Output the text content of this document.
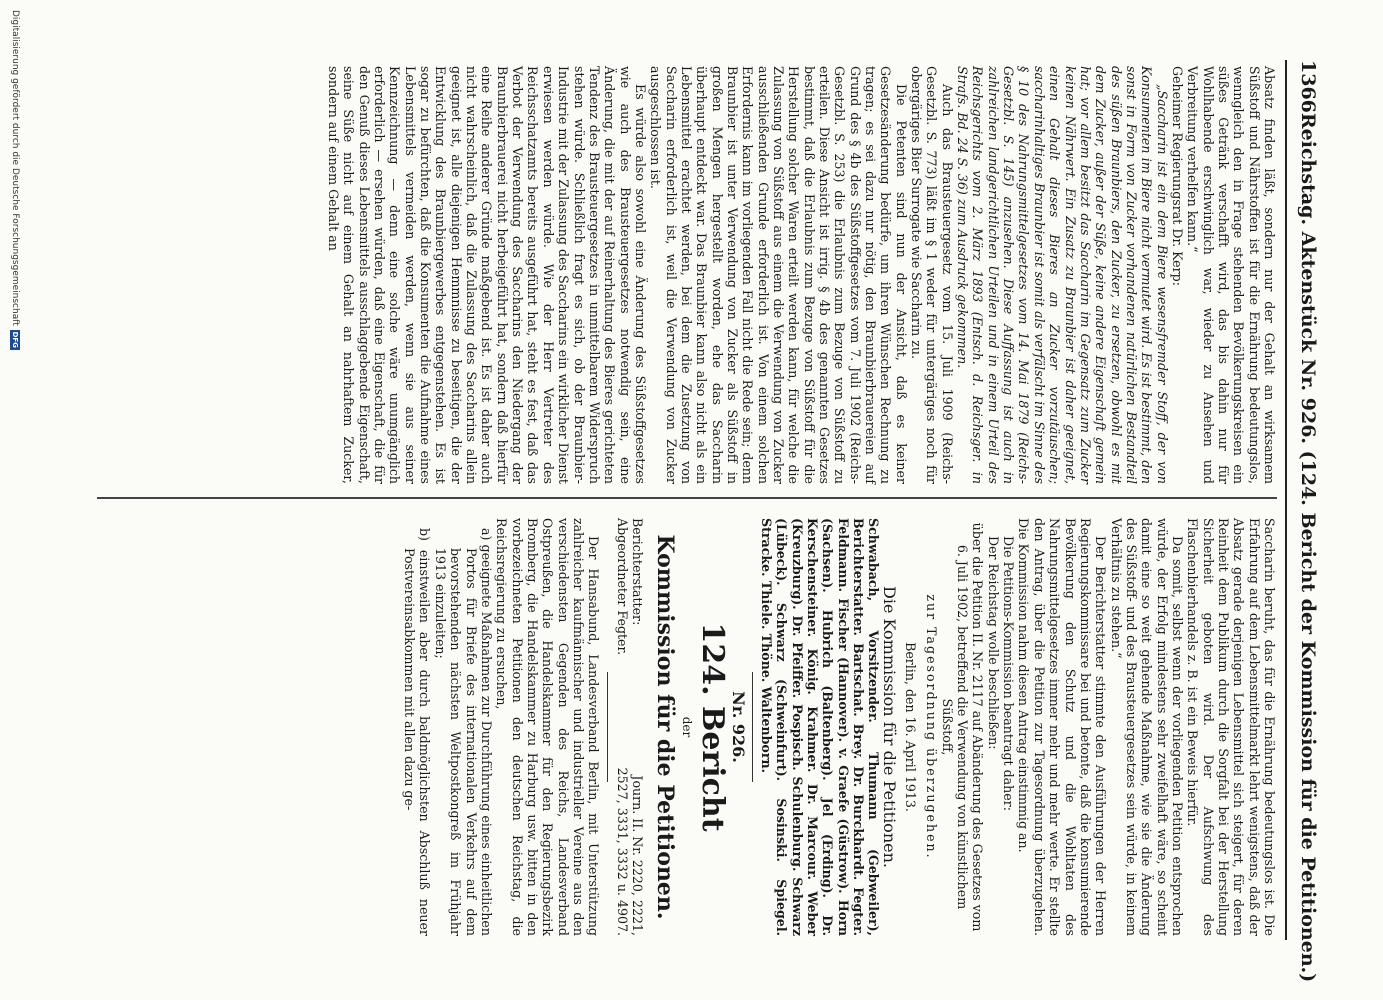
1366
Reichstag. Aktenstück Nr. 926. (124. Bericht der Kommission für die Petitionen.)

Absatz finden läßt, sondern nur der Gehalt an wirksamem Süßstoff und Nährstoffen ist für die Ernährung bedeutungslos, wenngleich den in Frage stehenden Bevölkerungskreisen ein süßes Getränk verschafft wird, das bis dahin nur für Wohlhabende erschwinglich war, wieder zu Ansehen und Verbreitung verhelfen kann.“

Geheimer Regierungsrat Dr. Kerp:

„Saccharin ist ein dem Biere wesensfremder Stoff, der von Konsumenten im Biere nicht vermutet wird. Es ist bestimmt, den sonst in Form von Zucker vorhandenen natürlichen Bestandteil des süßen Braunbiers, den Zucker, zu ersetzen, obwohl es mit dem Zucker, außer der Süße, keine andere Eigenschaft gemein hat; vor allem besitzt das Saccharin im Gegensatz zum Zucker keinen Nährwert. Ein Zusatz zu Braunbier ist daher geeignet, einen Gehalt dieses Bieres an Zucker vorzutäuschen; saccharinhaltiges Braunbier ist somit als verfälscht im Sinne des § 10 des Nahrungsmittelgesetzes vom 14. Mai 1879 (Reichs-Gesetzbl. S. 145) anzusehen. Diese Auffassung ist auch in zahlreichen landgerichtlichen Urteilen und in einem Urteil des Reichsgerichts vom 2. März 1893 (Entsch. d. Reichsger. in Strafs. Bd. 24 S. 36) zum Ausdruck gekommen.

Auch das Brausteuergesetz vom 15. Juli 1909 (Reichs-Gesetzbl. S. 773) läßt im § 1 weder für untergäriges noch für obergäriges Bier Surrogate wie Saccharin zu.

Die Petenten sind nun der Ansicht, daß es keiner Gesetzesänderung bedürfe, um ihren Wünschen Rechnung zu tragen; es sei dazu nur nötig, den Braunbierbrauereien auf Grund des § 4b des Süßstoffgesetzes vom 7. Juli 1902 (Reichs-Gesetzbl. S. 253) die Erlaubnis zum Bezuge von Süßstoff zu erteilen. Diese Ansicht ist irrig. § 4b des genannten Gesetzes bestimmt, daß die Erlaubnis zum Bezuge von Süßstoff für die Herstellung solcher Waren erteilt werden kann, für welche die Zulassung von Süßstoff aus einem die Verwendung von Zucker ausschließenden Grunde erforderlich ist. Von einem solchen Erfordernis kann im vorliegenden Fall nicht die Rede sein; denn Braunbier ist unter Verwendung von Zucker als Süßstoff in großen Mengen hergestellt worden, ehe das Saccharin überhaupt entdeckt war. Das Braunbier kann also nicht als ein Lebensmittel erachtet werden, bei dem die Zusetzung von Saccharin erforderlich ist, weil die Verwendung von Zucker ausgeschlossen ist.

Es würde also sowohl eine Änderung des Süßstoffgesetzes wie auch des Brausteuergesetzes notwendig sein, eine Änderung, die mit der auf Reinerhaltung des Bieres gerichteten Tendenz des Brausteuergesetzes in unmittelbarem Widerspruch stehen würde. Schließlich fragt es sich, ob der Braunbier-Industrie mit der Zulassung des Saccharins ein wirklicher Dienst erwiesen werden würde. Wie der Herr Vertreter des Reichsschatzamts bereits ausgeführt hat, steht es fest, daß das Verbot der Verwendung des Saccharins den Niedergang der Braunbierbrauerei nicht herbeigeführt hat, sondern daß hierfür eine Reihe anderer Gründe maßgebend ist. Es ist daher auch nicht wahrscheinlich, daß die Zulassung des Saccharins allein geeignet ist, alle diejenigen Hemmnisse zu beseitigen, die der Entwicklung des Braunbiergewerbes entgegenstehen. Es ist sogar zu befürchten, daß die Konsumenten die Aufnahme eines Lebensmittels vermeiden werden, wenn sie aus seiner Kennzeichnung — denn eine solche wäre unumgänglich erforderlich — ersehen würden, daß eine Eigenschaft, die für den Genuß dieses Lebensmittels ausschlaggebende Eigenschaft, seine Süße nicht auf einem Gehalt an nahrhaftem Zucker, sondern auf einem Gehalt an

Saccharin beruht, das für die Ernährung bedeutungslos ist. Die Erfahrung auf dem Lebensmittelmarkt lehrt wenigstens, daß der Absatz gerade derjenigen Lebensmittel sich steigert, für deren Reinheit dem Publikum durch die Sorgfalt bei der Herstellung Sicherheit geboten wird. Der Aufschwung des Flaschenbierhandels z. B. ist ein Beweis hierfür.

Da somit, selbst wenn der vorliegenden Petition entsprochen würde, der Erfolg mindestens sehr zweifelhaft wäre, so scheint damit eine so weit gehende Maßnahme, wie sie die Änderung des Süßstoff- und des Brausteuergesetzes sein würde, in keinem Verhältnis zu stehen.“

Der Berichterstatter stimmte den Ausführungen der Herren Regierungskommissare bei und betonte, daß die konsumierende Bevölkerung den Schutz und die Wohltaten des Nahrungsmittelgesetzes immer mehr und mehr werte. Er stellte den Antrag, über die Petition zur Tagesordnung überzugehen. Die Kommission nahm diesen Antrag einstimmig an.

Die Petitions-Kommission beantragt daher:

Der Reichstag wolle beschließen:

über die Petition II. Nr. 2117 auf Abänderung des Gesetzes vom 6. Juli 1902, betreffend die Verwendung von künstlichem Süßstoff,

zur Tagesordnung überzugehen.

Berlin, den 16. April 1913.

Die Kommission für die Petitionen.

Schwabach, Vorsitzender. Thumann (Gebweiler), Berichterstatter. Bartschat. Brey. Dr. Burckhardt. Fegter. Feldmann. Fischer (Hannover). v. Graefe (Güstrow). Horn (Sachsen). Hubrich (Baltenberg). Jel (Erding). Dr. Kerschensteiner. König. Krahmer. Dr. Marcour. Weber (Kreuzburg). Dr. Pfeiffer. Pospisch. Schulenburg. Schwarz (Lübeck). Schwarz (Schweinfurt). Sosinski. Spiegel. Stracke. Thiele. Thöne. Waltenborn.

Nr. 926.

124. Bericht

der

Kommission für die Petitionen.

Berichterstatter:
Journ. II. Nr. 2220, 2221,
Abgeordneter Fegter.
2527, 3331, 3332 u. 4907.

Der Hansabund, Landesverband Berlin, mit Unterstützung zahlreicher kaufmännischer und industrieller Vereine aus den verschiedensten Gegenden des Reichs, Landesverband Ostpreußen, die Handelskammer für den Regierungsbezirk Bromberg, die Handelskammer zu Harburg usw. bitten in den vorbezeichneten Petitionen den deutschen Reichstag, die Reichsregierung zu ersuchen,

a) geeignete Maßnahmen zur Durchführung eines einheitlichen Portos für Briefe des internationalen Verkehrs auf dem bevorstehenden nächsten Weltpostkongreß im Frühjahr 1913 einzuleiten;

b) einstweilen aber durch baldmöglichsten Abschluß neuer Postvereinsabkommen mit allen dazu ge-

Digitalisierung gefördert durch die Deutsche Forschungsgemeinschaft
DFG
